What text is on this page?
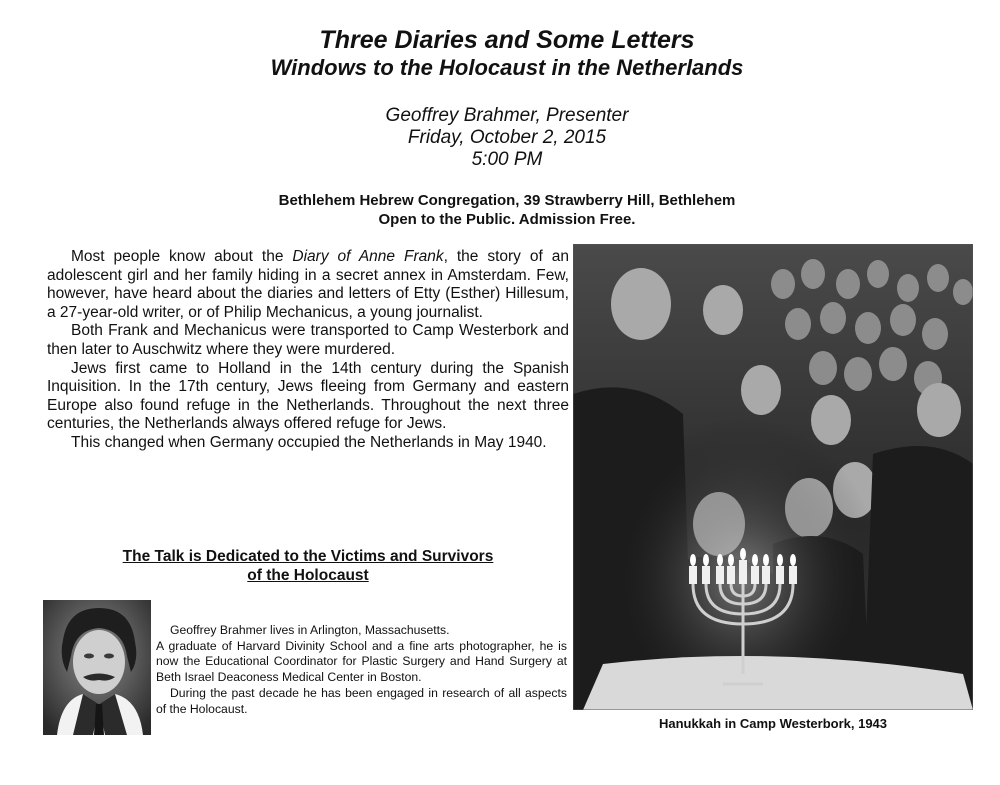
Three Diaries and Some Letters
Windows to the Holocaust in the Netherlands
Geoffrey Brahmer, Presenter
Friday, October 2, 2015
5:00 PM
Bethlehem Hebrew Congregation, 39 Strawberry Hill, Bethlehem
Open to the Public. Admission Free.

Most people know about the Diary of Anne Frank, the story of an adolescent girl and her family hiding in a secret annex in Amsterdam. Few, however, have heard about the diaries and letters of Etty (Esther) Hillesum, a 27-year-old writer, or of Philip Mechanicus, a young journalist.

Both Frank and Mechanicus were transported to Camp Westerbork and then later to Auschwitz where they were murdered.

Jews first came to Holland in the 14th century during the Spanish Inquisition. In the 17th century, Jews fleeing from Germany and eastern Europe also found refuge in the Netherlands. Throughout the next three centuries, the Netherlands always offered refuge for Jews.

This changed when Germany occupied the Netherlands in May 1940.

The Talk is Dedicated to the Victims and Survivors
of the Holocaust

Geoffrey Brahmer lives in Arlington, Massachusetts.

A graduate of Harvard Divinity School and a fine arts photographer, he is now the Educational Coordinator for Plastic Surgery and Hand Surgery at Beth Israel Deaconess Medical Center in Boston.

During the past decade he has been engaged in research of all aspects of the Holocaust.

Hanukkah in Camp Westerbork, 1943
